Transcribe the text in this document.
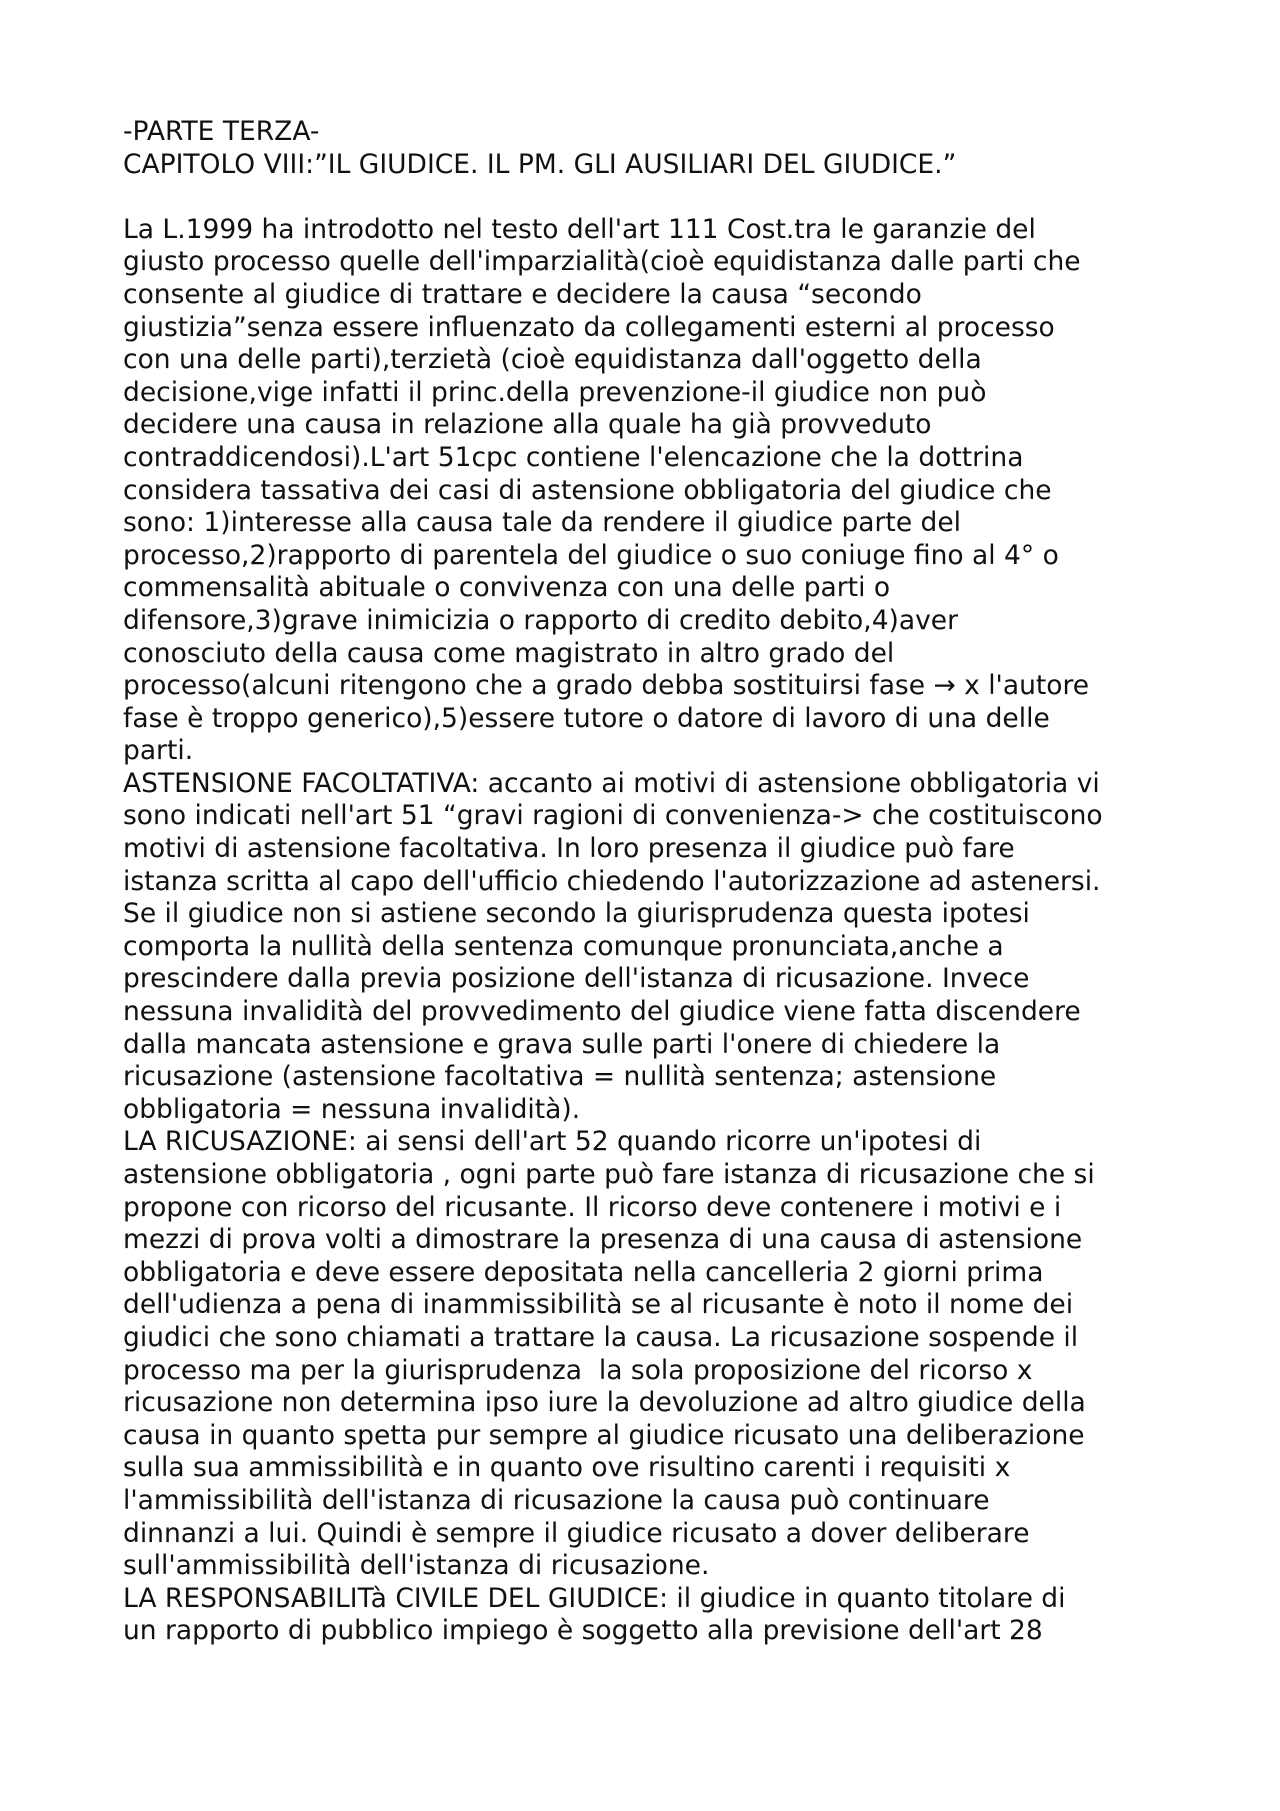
-PARTE TERZA-
CAPITOLO VIII:”IL GIUDICE. IL PM. GLI AUSILIARI DEL GIUDICE.”
La L.1999 ha introdotto nel testo dell'art 111 Cost.tra le garanzie del
giusto processo quelle dell'imparzialità(cioè equidistanza dalle parti che
consente al giudice di trattare e decidere la causa “secondo
giustizia”senza essere influenzato da collegamenti esterni al processo
con una delle parti),terzietà (cioè equidistanza dall'oggetto della
decisione,vige infatti il princ.della prevenzione-il giudice non può
decidere una causa in relazione alla quale ha già provveduto
contraddicendosi).L'art 51cpc contiene l'elencazione che la dottrina
considera tassativa dei casi di astensione obbligatoria del giudice che
sono: 1)interesse alla causa tale da rendere il giudice parte del
processo,2)rapporto di parentela del giudice o suo coniuge fino al 4° o
commensalità abituale o convivenza con una delle parti o
difensore,3)grave inimicizia o rapporto di credito debito,4)aver
conosciuto della causa come magistrato in altro grado del
processo(alcuni ritengono che a grado debba sostituirsi fase → x l'autore
fase è troppo generico),5)essere tutore o datore di lavoro di una delle
parti.
ASTENSIONE FACOLTATIVA: accanto ai motivi di astensione obbligatoria vi
sono indicati nell'art 51 “gravi ragioni di convenienza-> che costituiscono
motivi di astensione facoltativa. In loro presenza il giudice può fare
istanza scritta al capo dell'ufficio chiedendo l'autorizzazione ad astenersi.
Se il giudice non si astiene secondo la giurisprudenza questa ipotesi
comporta la nullità della sentenza comunque pronunciata,anche a
prescindere dalla previa posizione dell'istanza di ricusazione. Invece
nessuna invalidità del provvedimento del giudice viene fatta discendere
dalla mancata astensione e grava sulle parti l'onere di chiedere la
ricusazione (astensione facoltativa = nullità sentenza; astensione
obbligatoria = nessuna invalidità).
LA RICUSAZIONE: ai sensi dell'art 52 quando ricorre un'ipotesi di
astensione obbligatoria , ogni parte può fare istanza di ricusazione che si
propone con ricorso del ricusante. Il ricorso deve contenere i motivi e i
mezzi di prova volti a dimostrare la presenza di una causa di astensione
obbligatoria e deve essere depositata nella cancelleria 2 giorni prima
dell'udienza a pena di inammissibilità se al ricusante è noto il nome dei
giudici che sono chiamati a trattare la causa. La ricusazione sospende il
processo ma per la giurisprudenza  la sola proposizione del ricorso x
ricusazione non determina ipso iure la devoluzione ad altro giudice della
causa in quanto spetta pur sempre al giudice ricusato una deliberazione
sulla sua ammissibilità e in quanto ove risultino carenti i requisiti x
l'ammissibilità dell'istanza di ricusazione la causa può continuare
dinnanzi a lui. Quindi è sempre il giudice ricusato a dover deliberare
sull'ammissibilità dell'istanza di ricusazione.
LA RESPONSABILITà CIVILE DEL GIUDICE: il giudice in quanto titolare di
un rapporto di pubblico impiego è soggetto alla previsione dell'art 28
